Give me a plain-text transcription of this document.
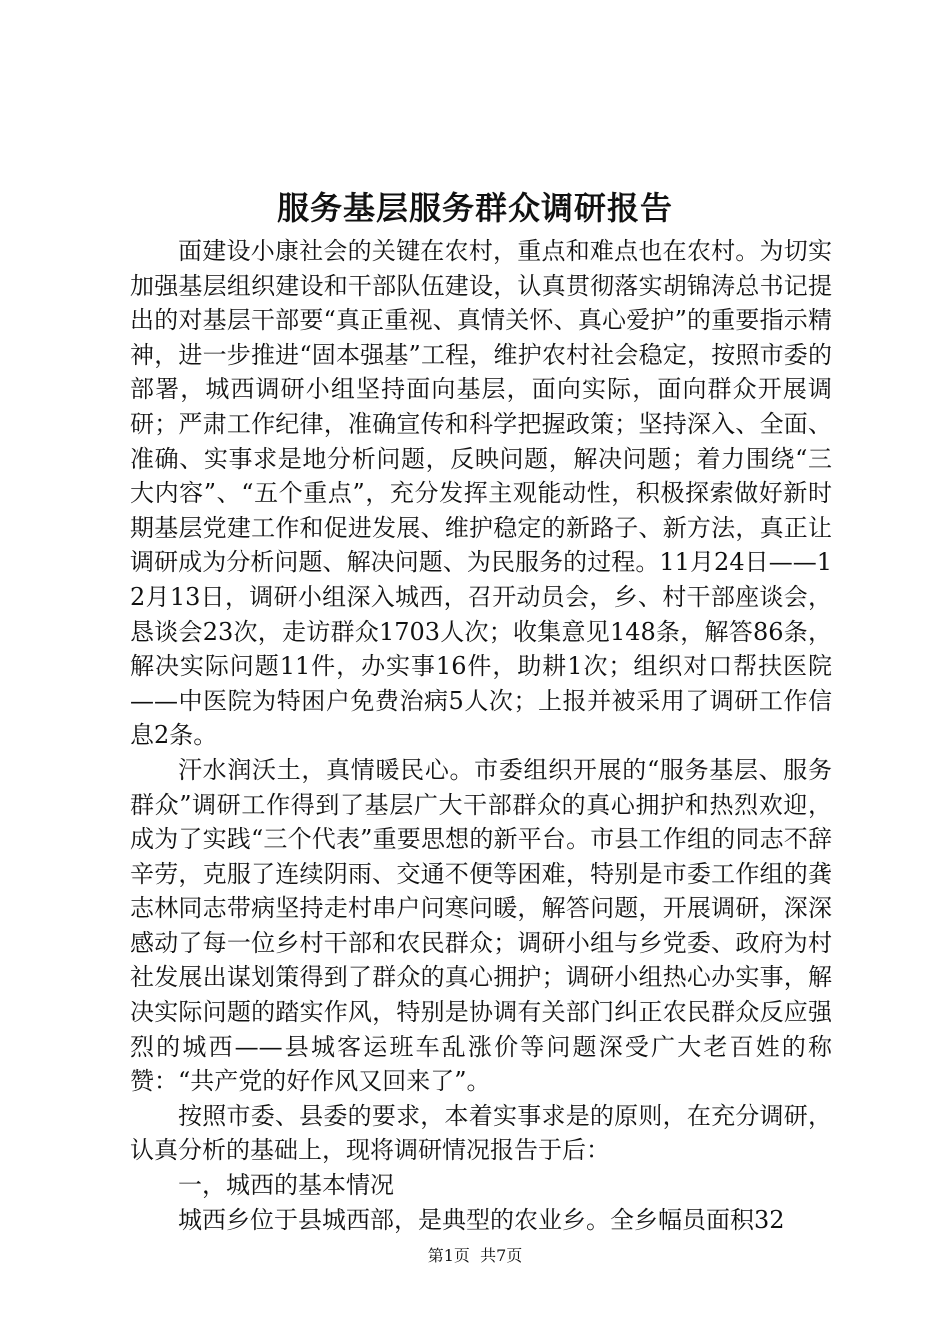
服务基层服务群众调研报告

面建设小康社会的关键在农村，重点和难点也在农村。为切实加强基层组织建设和干部队伍建设，认真贯彻落实胡锦涛总书记提出的对基层干部要“真正重视、真情关怀、真心爱护”的重要指示精神，进一步推进“固本强基”工程，维护农村社会稳定，按照市委的部署，城西调研小组坚持面向基层，面向实际，面向群众开展调研；严肃工作纪律，准确宣传和科学把握政策；坚持深入、全面、准确、实事求是地分析问题，反映问题，解决问题；着力围绕“三大内容”、“五个重点”，充分发挥主观能动性，积极探索做好新时期基层党建工作和促进发展、维护稳定的新路子、新方法，真正让调研成为分析问题、解决问题、为民服务的过程。11月24日——12月13日，调研小组深入城西，召开动员会，乡、村干部座谈会，恳谈会23次，走访群众1703人次；收集意见148条，解答86条，解决实际问题11件，办实事16件，助耕1次；组织对口帮扶医院——中医院为特困户免费治病5人次；上报并被采用了调研工作信息2条。

汗水润沃土，真情暖民心。市委组织开展的“服务基层、服务群众”调研工作得到了基层广大干部群众的真心拥护和热烈欢迎，成为了实践“三个代表”重要思想的新平台。市县工作组的同志不辞辛劳，克服了连续阴雨、交通不便等困难，特别是市委工作组的龚志林同志带病坚持走村串户问寒问暖，解答问题，开展调研，深深感动了每一位乡村干部和农民群众；调研小组与乡党委、政府为村社发展出谋划策得到了群众的真心拥护；调研小组热心办实事，解决实际问题的踏实作风，特别是协调有关部门纠正农民群众反应强烈的城西——县城客运班车乱涨价等问题深受广大老百姓的称赞：“共产党的好作风又回来了”。

按照市委、县委的要求，本着实事求是的原则，在充分调研，认真分析的基础上，现将调研情况报告于后：

一，城西的基本情况

城西乡位于县城西部，是典型的农业乡。全乡幅员面积32

第1页 共7页
